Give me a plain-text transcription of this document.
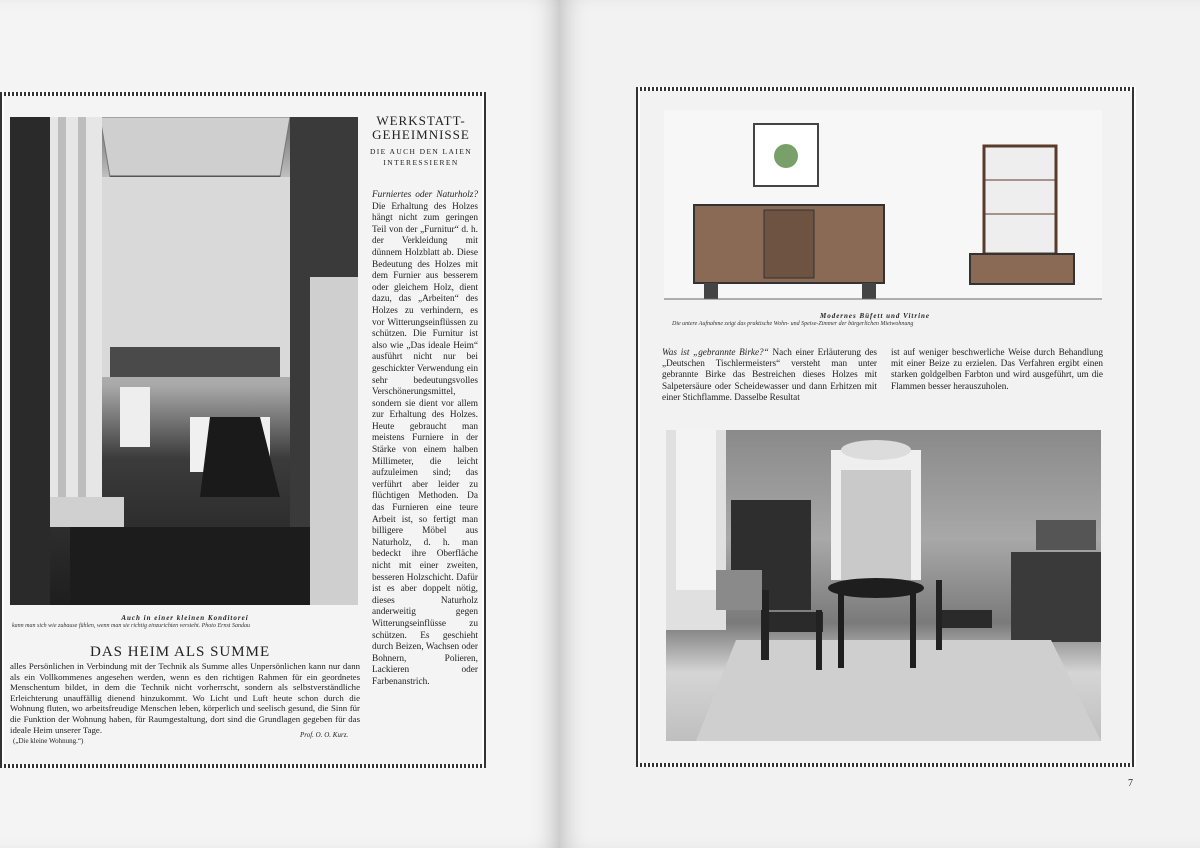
Auch in einer kleinen Konditorei
kann man sich wie zubause fühlen, wenn man sie richtig einzurichten versteht. Photo Ernst Sandau
WERKSTATT-GEHEIMNISSE
DIE AUCH DEN LAIEN INTERESSIEREN
Furniertes oder Naturholz? Die Erhaltung des Holzes hängt nicht zum geringen Teil von der „Furnitur“ d. h. der Verkleidung mit dünnem Holzblatt ab. Diese Bedeutung des Holzes mit dem Furnier aus besserem oder gleichem Holz, dient dazu, das „Arbeiten“ des Holzes zu verhindern, es vor Witterungseinflüssen zu schützen. Die Furnitur ist also wie „Das ideale Heim“ ausführt nicht nur bei geschickter Verwendung ein sehr bedeutungsvolles Verschönerungsmittel, sondern sie dient vor allem zur Erhaltung des Holzes. Heute gebraucht man meistens Furniere in der Stärke von einem halben Millimeter, die leicht aufzuleimen sind; das verführt aber leider zu flüchtigen Methoden. Da das Furnieren eine teure Arbeit ist, so fertigt man billigere Möbel aus Naturholz, d. h. man bedeckt ihre Oberfläche nicht mit einer zweiten, besseren Holzschicht. Dafür ist es aber doppelt nötig, dieses Naturholz anderweitig gegen Witterungseinflüsse zu schützen. Es geschieht durch Beizen, Wachsen oder Bohnern, Polieren, Lackieren oder Farbenanstrich.
DAS HEIM ALS SUMME
alles Persönlichen in Verbindung mit der Technik als Summe alles Unpersönlichen kann nur dann als ein Vollkommenes angesehen werden, wenn es den richtigen Rahmen für ein geordnetes Menschentum bildet, in dem die Technik nicht vorherrscht, sondern als selbstverständliche Erleichterung unauffällig dienend hinzukommt. Wo Licht und Luft heute schon durch die Wohnung fluten, wo arbeitsfreudige Menschen leben, körperlich und seelisch gesund, die Sinn für die Funktion der Wohnung haben, für Raumgestaltung, dort sind die Grundlagen gegeben für das ideale Heim unserer Tage.
(„Die kleine Wohnung.“)
Prof. O. O. Kurz.
Modernes Büfett und Vitrine
Die untere Aufnahme zeigt das praktische Wohn- und Speise-Zimmer der bürgerlichen Mietwohnung
Was ist „gebrannte Birke?“ Nach einer Erläuterung des „Deutschen Tischlermeisters“ versteht man unter gebrannte Birke das Bestreichen dieses Holzes mit Salpetersäure oder Scheidewasser und dann Erhitzen mit einer Stichflamme. Dasselbe Resultat
ist auf weniger beschwerliche Weise durch Behandlung mit einer Beize zu erzielen. Das Verfahren ergibt einen starken goldgelben Farbton und wird ausgeführt, um die Flammen besser herauszuholen.
7
